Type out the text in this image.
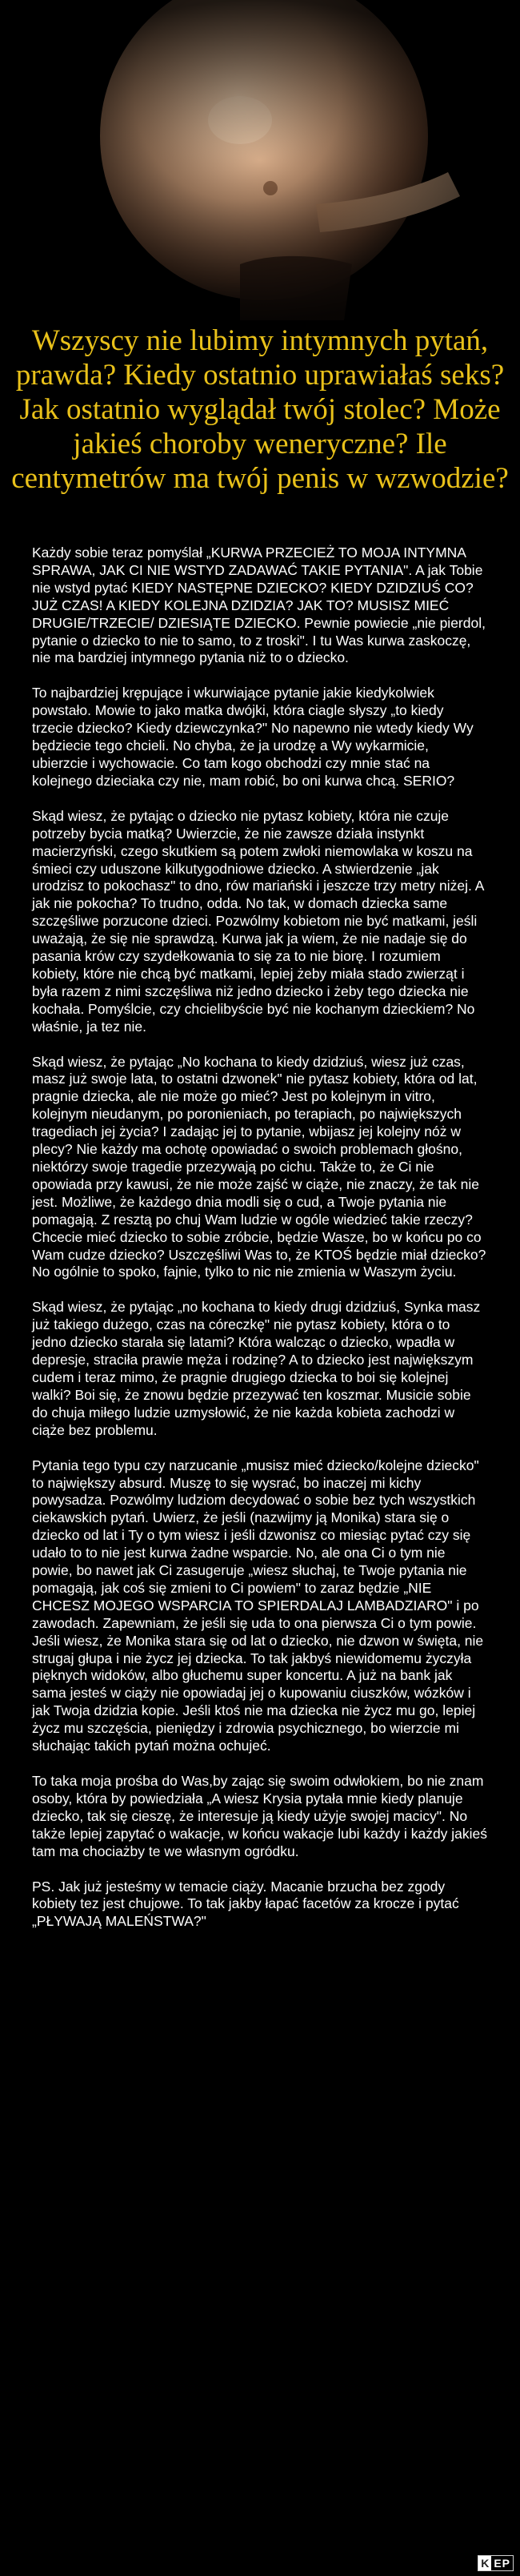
Wszyscy nie lubimy intymnych pytań, prawda? Kiedy ostatnio uprawiałaś seks? Jak ostatnio wyglądał twój stolec? Może jakieś choroby weneryczne? Ile centymetrów ma twój penis w wzwodzie?

Każdy sobie teraz pomyślał „KURWA PRZECIEŻ TO MOJA INTYMNA SPRAWA, JAK CI NIE WSTYD ZADAWAĆ TAKIE PYTANIA". A jak Tobie nie wstyd pytać KIEDY NASTĘPNE DZIECKO? KIEDY DZIDZIUŚ CO? JUŻ CZAS! A KIEDY KOLEJNA DZIDZIA? JAK TO? MUSISZ MIEĆ DRUGIE/TRZECIE/ DZIESIĄTE DZIECKO. Pewnie powiecie „nie pierdol, pytanie o dziecko to nie to samo, to z troski". I tu Was kurwa zaskoczę, nie ma bardziej intymnego pytania niż to o dziecko.

To najbardziej krępujące i wkurwiające pytanie jakie kiedykolwiek powstało. Mowie to jako matka dwójki, która ciagle słyszy „to kiedy trzecie dziecko? Kiedy dziewczynka?" No napewno nie wtedy kiedy Wy będziecie tego chcieli. No chyba, że ja urodzę a Wy wykarmicie, ubierzcie i wychowacie. Co tam kogo obchodzi czy mnie stać na kolejnego dzieciaka czy nie, mam robić, bo oni kurwa chcą. SERIO?

Skąd wiesz, że pytając o dziecko nie pytasz kobiety, która nie czuje potrzeby bycia matką? Uwierzcie, że nie zawsze działa instynkt macierzyński, czego skutkiem są potem zwłoki niemowlaka w koszu na śmieci czy uduszone kilkutygodniowe dziecko. A stwierdzenie „jak urodzisz to pokochasz" to dno, rów mariański i jeszcze trzy metry niżej. A jak nie pokocha? To trudno, odda. No tak, w domach dziecka same szczęśliwe porzucone dzieci. Pozwólmy kobietom nie być matkami, jeśli uważają, że się nie sprawdzą. Kurwa jak ja wiem, że nie nadaje się do pasania krów czy szydełkowania to się za to nie biorę. I rozumiem kobiety, które nie chcą być matkami, lepiej żeby miała stado zwierząt i była razem z nimi szczęśliwa niż jedno dziecko i żeby tego dziecka nie kochała. Pomyślcie, czy chcielibyście być nie kochanym dzieckiem? No właśnie, ja tez nie.

Skąd wiesz, że pytając „No kochana to kiedy dzidziuś, wiesz już czas, masz już swoje lata, to ostatni dzwonek" nie pytasz kobiety, która od lat, pragnie dziecka, ale nie może go mieć? Jest po kolejnym in vitro, kolejnym nieudanym, po poronieniach, po terapiach, po największych tragediach jej życia? I zadając jej to pytanie, wbijasz jej kolejny nóż w plecy? Nie każdy ma ochotę opowiadać o swoich problemach głośno, niektórzy swoje tragedie przezywają po cichu. Także to, że Ci nie opowiada przy kawusi, że nie może zajść w ciąże, nie znaczy, że tak nie jest. Możliwe, że każdego dnia modli się o cud, a Twoje pytania nie pomagają. Z resztą po chuj Wam ludzie w ogóle wiedzieć takie rzeczy? Chcecie mieć dziecko to sobie zróbcie, będzie Wasze, bo w końcu po co Wam cudze dziecko? Uszczęśliwi Was to, że KTOŚ będzie miał dziecko? No ogólnie to spoko, fajnie, tylko to nic nie zmienia w Waszym życiu.

Skąd wiesz, że pytając „no kochana to kiedy drugi dzidziuś, Synka masz już takiego dużego, czas na córeczkę" nie pytasz kobiety, która o to jedno dziecko starała się latami? Która walcząc o dziecko, wpadła w depresje, straciła prawie męża i rodzinę? A to dziecko jest największym cudem i teraz mimo, że pragnie drugiego dziecka to boi się kolejnej walki? Boi się, że znowu będzie przezywać ten koszmar. Musicie sobie do chuja miłego ludzie uzmysłowić, że nie każda kobieta zachodzi w ciąże bez problemu.

Pytania tego typu czy narzucanie „musisz mieć dziecko/kolejne dziecko" to największy absurd. Muszę to się wysrać, bo inaczej mi kichy powysadza. Pozwólmy ludziom decydować o sobie bez tych wszystkich ciekawskich pytań. Uwierz, że jeśli (nazwijmy ją Monika) stara się o dziecko od lat i Ty o tym wiesz i jeśli dzwonisz co miesiąc pytać czy się udało to to nie jest kurwa żadne wsparcie. No, ale ona Ci o tym nie powie, bo nawet jak Ci zasugeruje „wiesz słuchaj, te Twoje pytania nie pomagają, jak coś się zmieni to Ci powiem" to zaraz będzie „NIE CHCESZ MOJEGO WSPARCIA TO SPIERDALAJ LAMBADZIARO" i po zawodach. Zapewniam, że jeśli się uda to ona pierwsza Ci o tym powie. Jeśli wiesz, że Monika stara się od lat o dziecko, nie dzwon w święta, nie strugaj głupa i nie życz jej dziecka. To tak jakbyś niewidomemu życzyła pięknych widoków, albo głuchemu super koncertu. A już na bank jak sama jesteś w ciąży nie opowiadaj jej o kupowaniu ciuszków, wózków i jak Twoja dzidzia kopie. Jeśli ktoś nie ma dziecka nie życz mu go, lepiej życz mu szczęścia, pieniędzy i zdrowia psychicznego, bo wierzcie mi słuchając takich pytań można ochujeć.

To taka moja prośba do Was,by zając się swoim odwłokiem, bo nie znam osoby, która by powiedziała „A wiesz Krysia pytała mnie kiedy planuje dziecko, tak się cieszę, że interesuje ją kiedy użyje swojej macicy". No także lepiej zapytać o wakacje, w końcu wakacje lubi każdy i każdy jakieś tam ma chociażby te we własnym ogródku.

PS. Jak już jesteśmy w temacie ciąży. Macanie brzucha bez zgody kobiety tez jest chujowe. To tak jakby łapać facetów za krocze i pytać „PŁYWAJĄ MALEŃSTWA?"

K EP
